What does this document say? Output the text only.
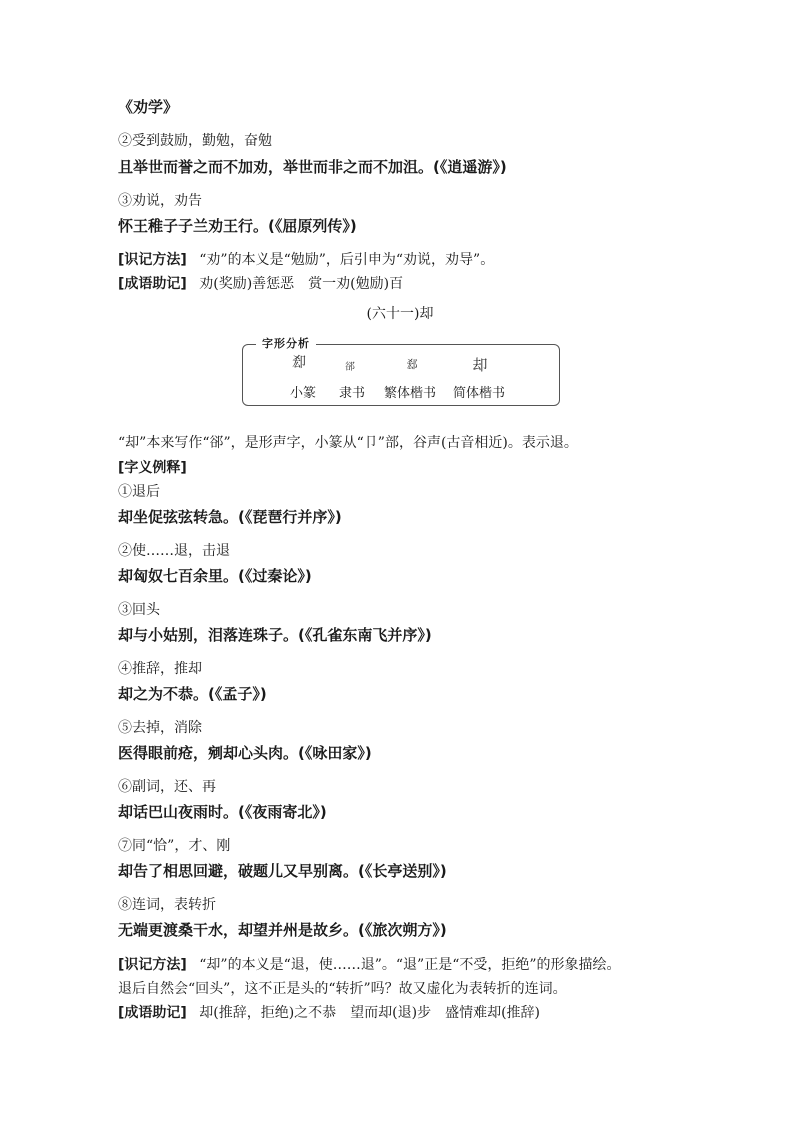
《劝学》
②受到鼓励，勤勉，奋勉
且举世而誉之而不加劝，举世而非之而不加沮。(《逍遥游》)
③劝说，劝告
怀王稚子子兰劝王行。(《屈原列传》)
[识记方法] “劝”的本义是“勉励”，后引申为“劝说，劝导”。
[成语助记] 劝(奖励)善惩恶　赏一劝(勉励)百
(六十一)却
字形分析
㕁	郤	郄	却
小篆 隶书 繁体楷书 简体楷书
“却”本来写作“郤”，是形声字，小篆从“卩”部，谷声(古音相近)。表示退。
[字义例释]
①退后
却坐促弦弦转急。(《琵琶行并序》)
②使……退，击退
却匈奴七百余里。(《过秦论》)
③回头
却与小姑别，泪落连珠子。(《孔雀东南飞并序》)
④推辞，推却
却之为不恭。(《孟子》)
⑤去掉，消除
医得眼前疮，剜却心头肉。(《咏田家》)
⑥副词，还、再
却话巴山夜雨时。(《夜雨寄北》)
⑦同“恰”，才、刚
却告了相思回避，破题儿又早别离。(《长亭送别》)
⑧连词，表转折
无端更渡桑干水，却望并州是故乡。(《旅次朔方》)
[识记方法] “却”的本义是“退，使……退”。“退”正是“不受，拒绝”的形象描绘。
退后自然会“回头”，这不正是头的“转折”吗？故又虚化为表转折的连词。
[成语助记] 却(推辞，拒绝)之不恭　望而却(退)步　盛情难却(推辞)
